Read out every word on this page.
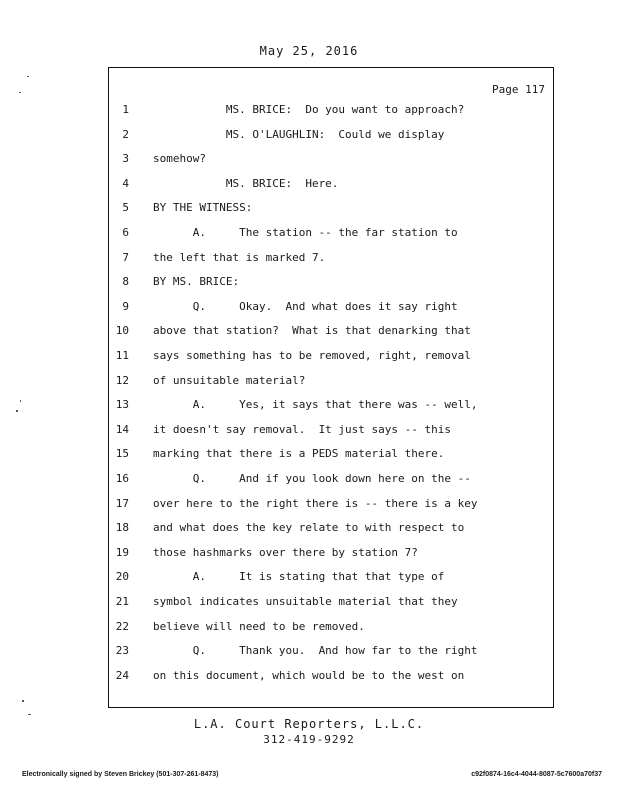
May 25, 2016
Page 117
1 MS. BRICE:  Do you want to approach?
2 MS. O'LAUGHLIN:  Could we display
3 somehow?
4 MS. BRICE:  Here.
5 BY THE WITNESS:
6 A.     The station -- the far station to
7 the left that is marked 7.
8 BY MS. BRICE:
9 Q.     Okay.  And what does it say right
10 above that station?  What is that denarking that
11 says something has to be removed, right, removal
12 of unsuitable material?
13 A.     Yes, it says that there was -- well,
14 it doesn't say removal.  It just says -- this
15 marking that there is a PEDS material there.
16 Q.     And if you look down here on the --
17 over here to the right there is -- there is a key
18 and what does the key relate to with respect to
19 those hashmarks over there by station 7?
20 A.     It is stating that that type of
21 symbol indicates unsuitable material that they
22 believe will need to be removed.
23 Q.     Thank you.  And how far to the right
24 on this document, which would be to the west on
L.A. Court Reporters, L.L.C.
312-419-9292
Electronically signed by Steven Brickey (501-307-261-8473)	c92f0874-16c4-4044-8087-5c7600a70f37
